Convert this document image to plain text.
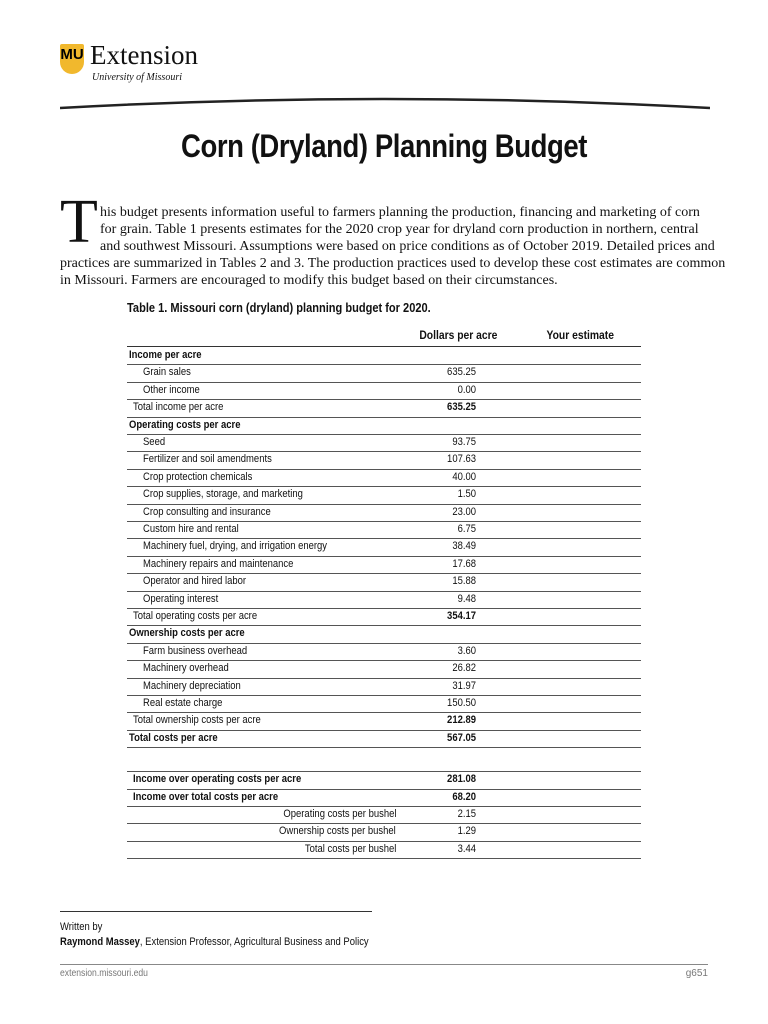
MU Extension
University of Missouri
Corn (Dryland) Planning Budget
T his budget presents information useful to farmers planning the production, financing and marketing of corn
for grain. Table 1 presents estimates for the 2020 crop year for dryland corn production in northern, central
and southwest Missouri. Assumptions were based on price conditions as of October 2019. Detailed prices and
practices are summarized in Tables 2 and 3. The production practices used to develop these cost estimates are common
in Missouri. Farmers are encouraged to modify this budget based on their circumstances.
Table 1. Missouri corn (dryland) planning budget for 2020.
Dollars per acre	Your estimate
Income per acre
Grain sales	635.25
Other income	0.00
Total income per acre	635.25
Operating costs per acre
Seed	93.75
Fertilizer and soil amendments	107.63
Crop protection chemicals	40.00
Crop supplies, storage, and marketing	1.50
Crop consulting and insurance	23.00
Custom hire and rental	6.75
Machinery fuel, drying, and irrigation energy	38.49
Machinery repairs and maintenance	17.68
Operator and hired labor	15.88
Operating interest	9.48
Total operating costs per acre	354.17
Ownership costs per acre
Farm business overhead	3.60
Machinery overhead	26.82
Machinery depreciation	31.97
Real estate charge	150.50
Total ownership costs per acre	212.89
Total costs per acre	567.05
Income over operating costs per acre	281.08
Income over total costs per acre	68.20
Operating costs per bushel	2.15
Ownership costs per bushel	1.29
Total costs per bushel	3.44
Written by
Raymond Massey, Extension Professor, Agricultural Business and Policy
extension.missouri.edu	g651
